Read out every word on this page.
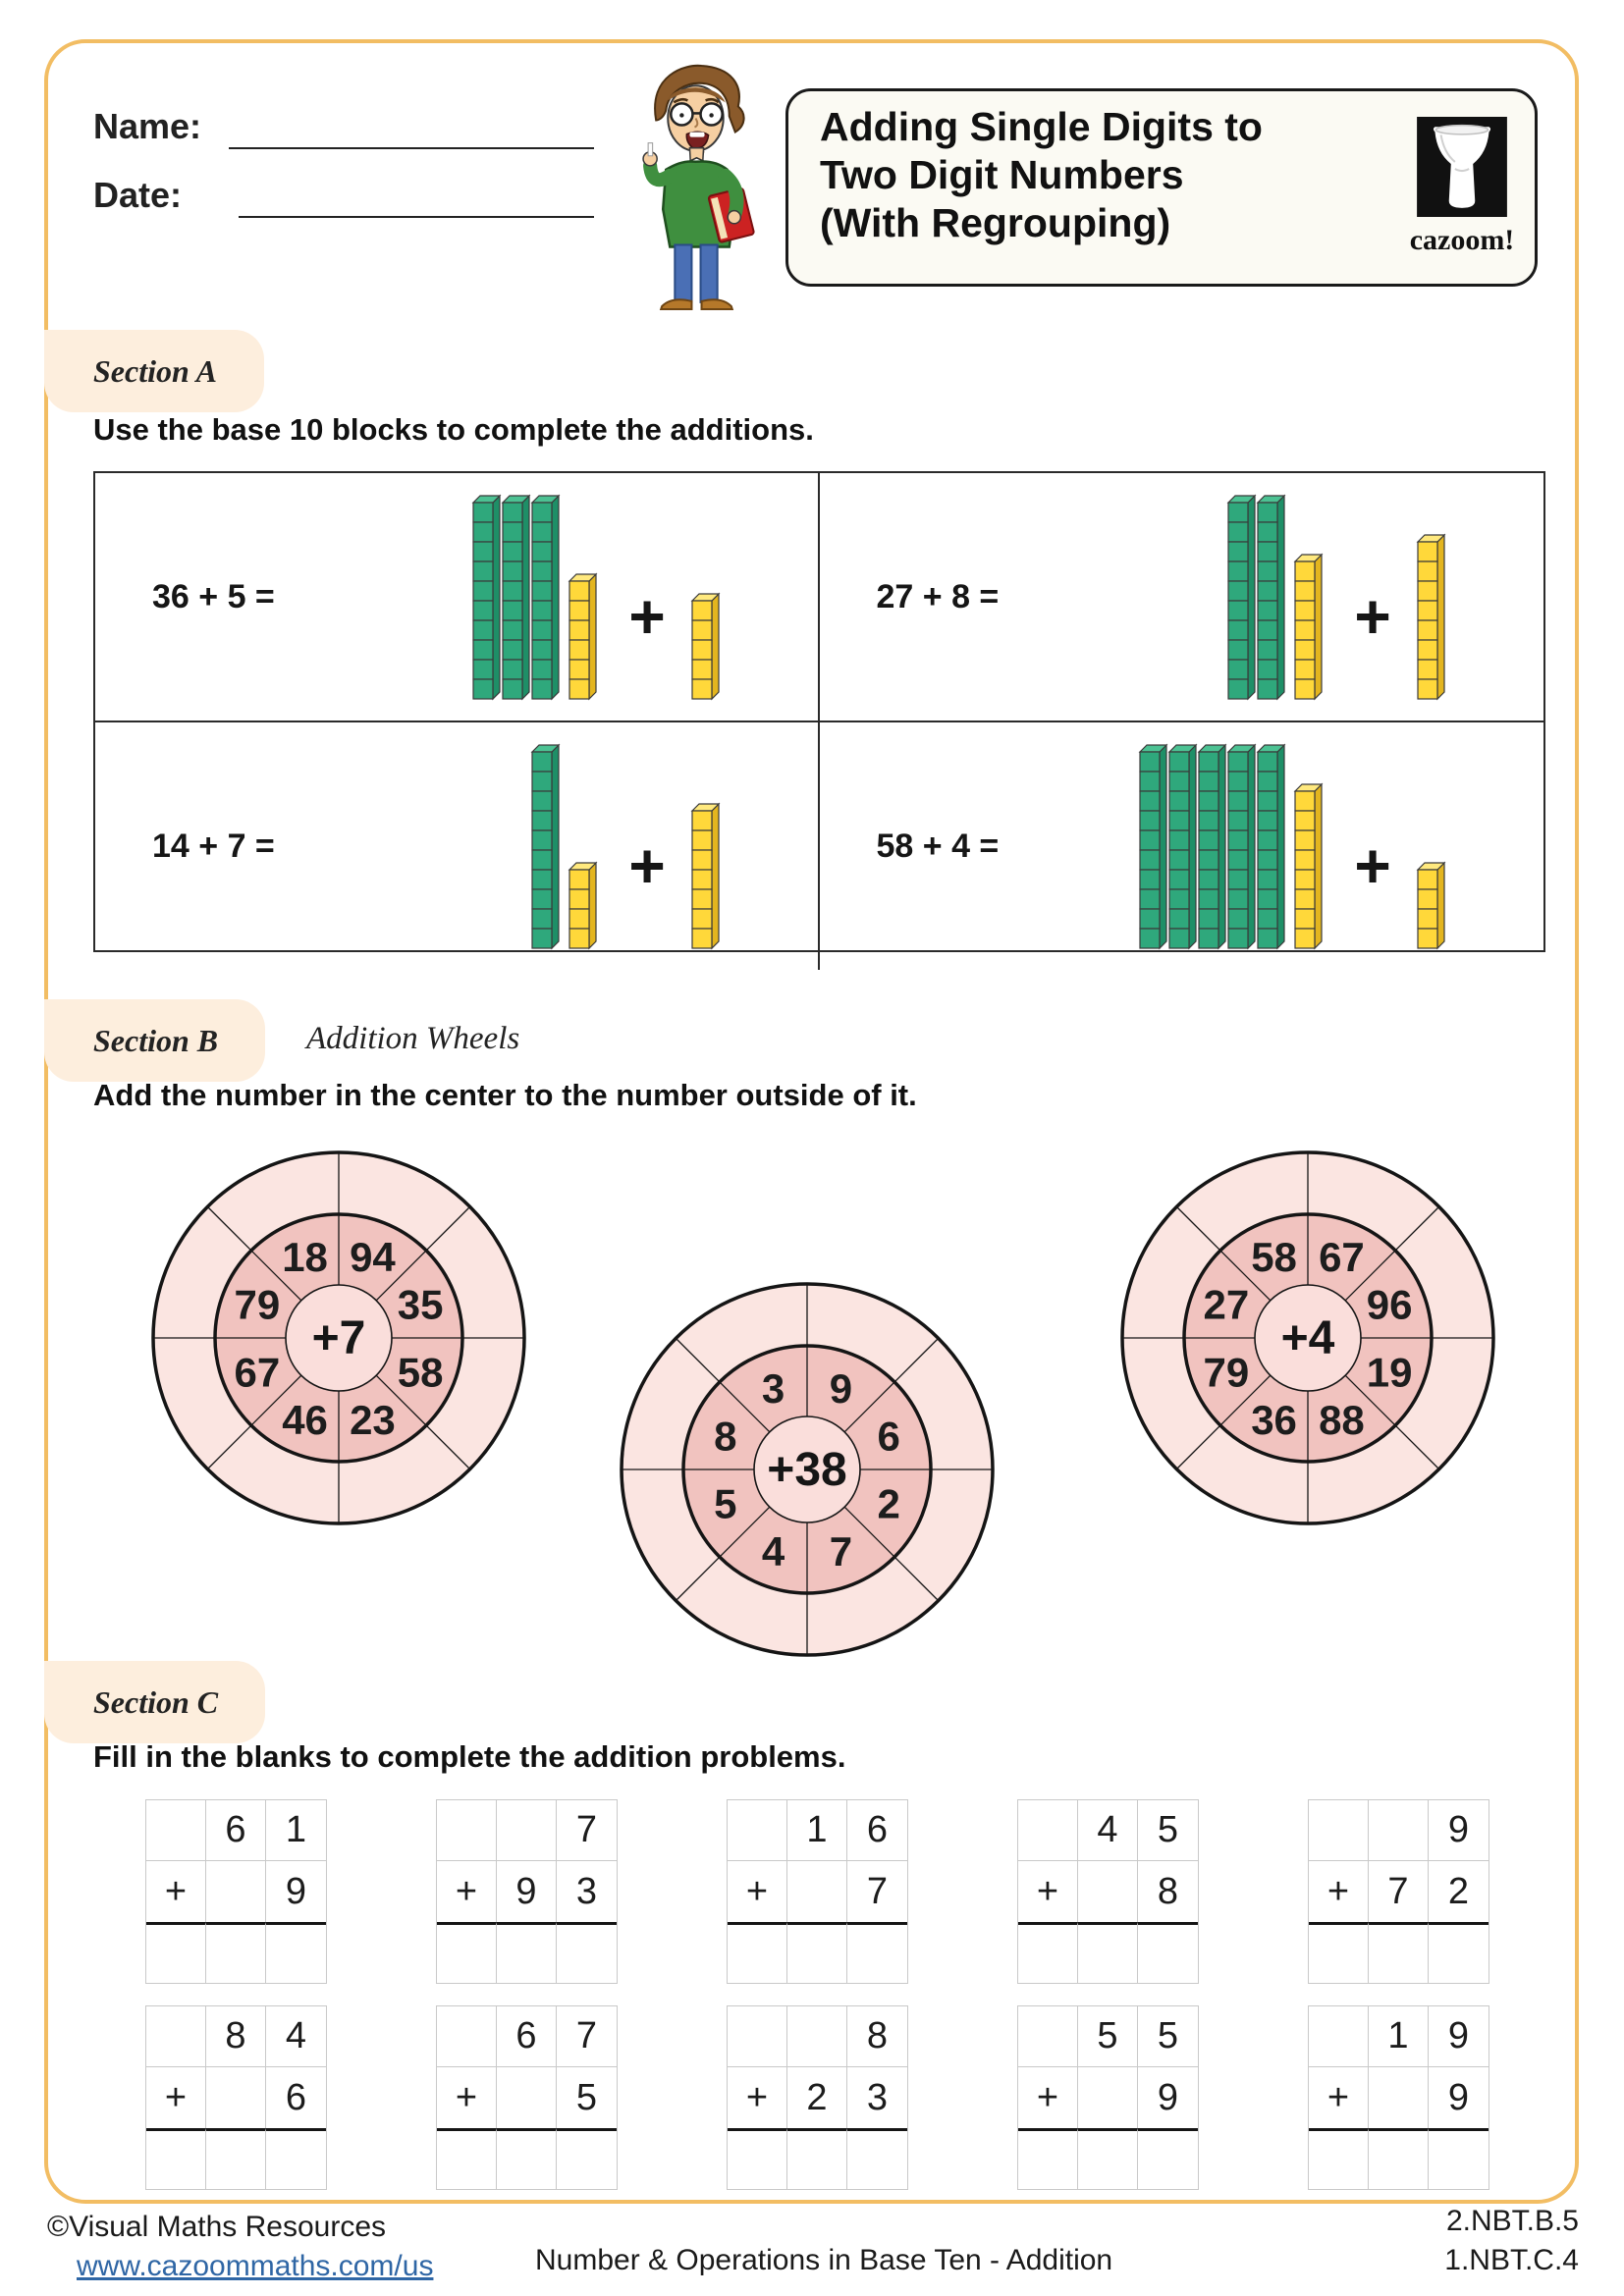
Name:
Date:
Adding Single Digits to
Two Digit Numbers
(With Regrouping)	cazoom!
Section A
Use the base 10 blocks to complete the additions.
36 + 5 =	+	27 + 8 =	+
14 + 7 =	+	58 + 4 =	+
Section B	Addition Wheels
Add the number in the center to the number outside of it.
18 94
35
58
23
46
67
79
+7
3 9
6
2
7
4
5
8
+38
58 67
96
19
88
36
79
27
+4
Section C
Fill in the blanks to complete the addition problems.
6	1
+	9
7
+	9	3
1	6
+	7
4	5
+	8
9
+	7	2
8	4
+	6
6	7
+	5
8
+	2	3
5	5
+	9
1	9
+	9
©Visual Maths Resources
www.cazoommaths.com/us	Number & Operations in Base Ten - Addition
2.NBT.B.5
1.NBT.C.4
